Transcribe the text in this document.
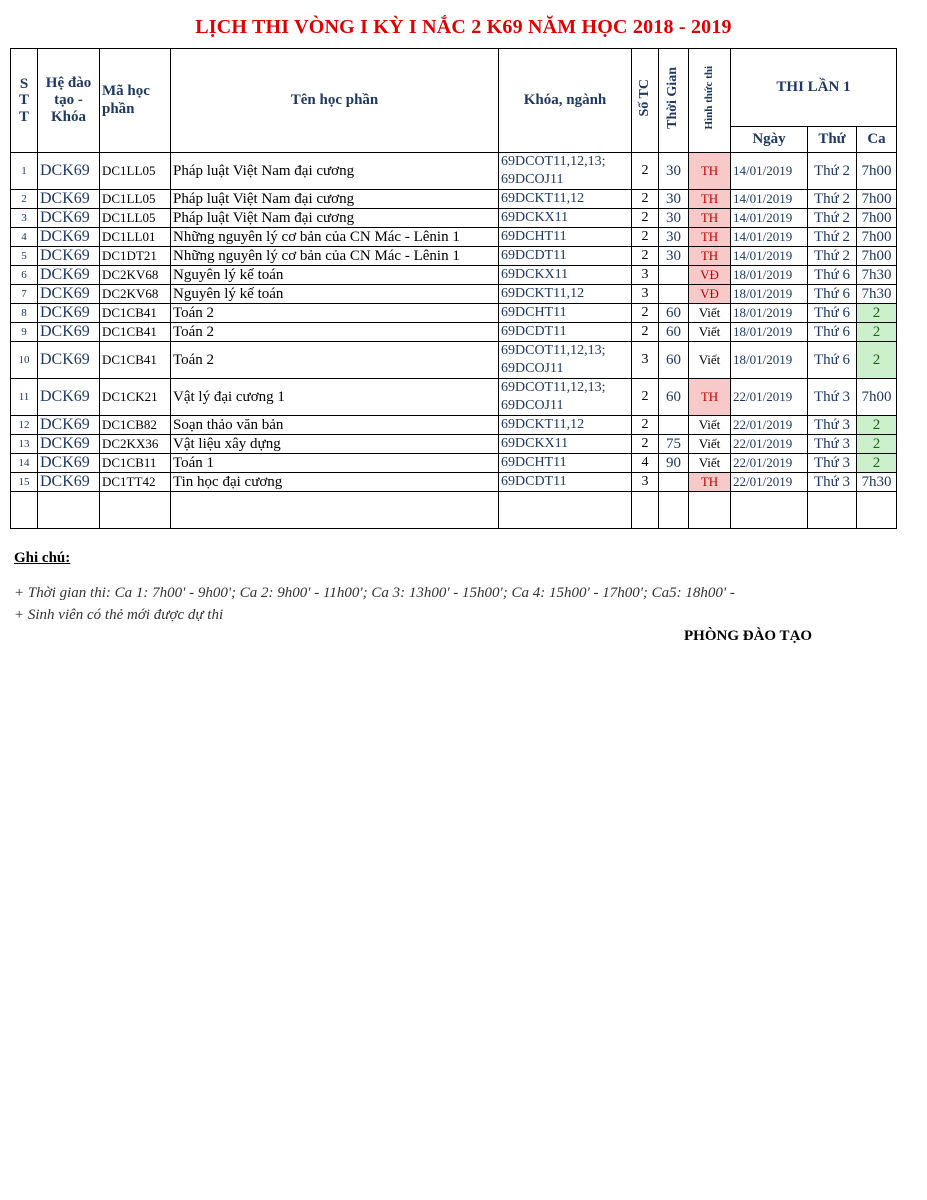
LỊCH THI VÒNG I KỲ I NẮC 2 K69 NĂM HỌC 2018 - 2019
S
T
T	Hệ đào tạo - Khóa	Mã học phần	Tên học phần	Khóa, ngành	Số TC	Thời Gian	Hình thức thi	THI LẦN 1		
								Ngày	Thứ	Ca
1	DCK69	DC1LL05	Pháp luật Việt Nam đại cương	69DCOT11,12,13; 69DCOJ11	2	30	TH	14/01/2019	Thứ 2	7h00
2	DCK69	DC1LL05	Pháp luật Việt Nam đại cương	69DCKT11,12	2	30	TH	14/01/2019	Thứ 2	7h00
3	DCK69	DC1LL05	Pháp luật Việt Nam đại cương	69DCKX11	2	30	TH	14/01/2019	Thứ 2	7h00
4	DCK69	DC1LL01	Những nguyên lý cơ bản của CN Mác - Lênin 1	69DCHT11	2	30	TH	14/01/2019	Thứ 2	7h00
5	DCK69	DC1DT21	Những nguyên lý cơ bản của CN Mác - Lênin 1	69DCDT11	2	30	TH	14/01/2019	Thứ 2	7h00
6	DCK69	DC2KV68	Nguyên lý kế toán	69DCKX11	3		VĐ	18/01/2019	Thứ 6	7h30
7	DCK69	DC2KV68	Nguyên lý kế toán	69DCKT11,12	3		VĐ	18/01/2019	Thứ 6	7h30
8	DCK69	DC1CB41	Toán 2	69DCHT11	2	60	Viết	18/01/2019	Thứ 6	2
9	DCK69	DC1CB41	Toán 2	69DCDT11	2	60	Viết	18/01/2019	Thứ 6	2
10	DCK69	DC1CB41	Toán 2	69DCOT11,12,13; 69DCOJ11	3	60	Viết	18/01/2019	Thứ 6	2
11	DCK69	DC1CK21	Vật lý đại cương 1	69DCOT11,12,13; 69DCOJ11	2	60	TH	22/01/2019	Thứ 3	7h00
12	DCK69	DC1CB82	Soạn thảo văn bản	69DCKT11,12	2		Viết	22/01/2019	Thứ 3	2
13	DCK69	DC2KX36	Vật liệu xây dựng	69DCKX11	2	75	Viết	22/01/2019	Thứ 3	2
14	DCK69	DC1CB11	Toán 1	69DCHT11	4	90	Viết	22/01/2019	Thứ 3	2
15	DCK69	DC1TT42	Tin học đại cương	69DCDT11	3		TH	22/01/2019	Thứ 3	7h30

Ghi chú:
+ Thời gian thi: Ca 1: 7h00' - 9h00'; Ca 2: 9h00' - 11h00'; Ca 3: 13h00' - 15h00'; Ca 4: 15h00' - 17h00'; Ca5: 18h00' -
+ Sinh viên có thẻ mới được dự thi
PHÒNG ĐÀO TẠO
